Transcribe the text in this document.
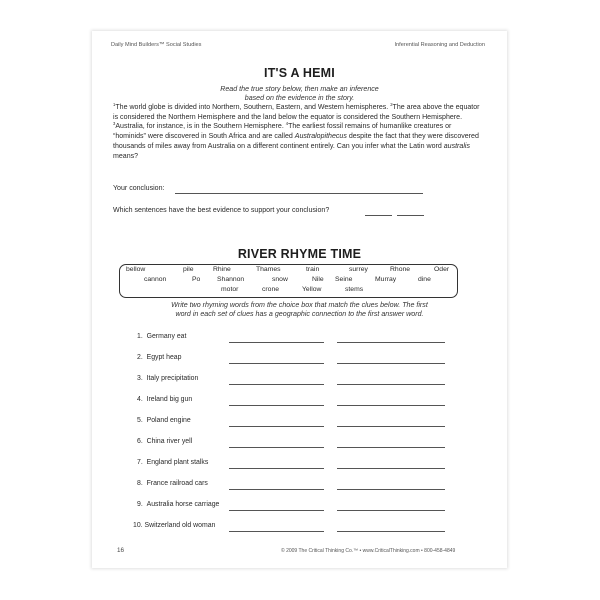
Daily Mind Builders™ Social Studies	Inferential Reasoning and Deduction
IT'S A HEMI
Read the true story below, then make an inference
based on the evidence in the story.
$^1$The world globe is divided into Northern, Southern, Eastern, and Western hemispheres. $^2$The area above the equator is considered the Northern Hemisphere and the land below the equator is considered the Southern Hemisphere. $^3$Australia, for instance, is in the Southern Hemisphere. $^4$The earliest fossil remains of humanlike creatures or “hominids” were discovered in South Africa and are called Australopithecus despite the fact that they were discovered thousands of miles away from Australia on a different continent entirely. Can you infer what the Latin word australis means?
Your conclusion:
Which sentences have the best evidence to support your conclusion?
RIVER RHYME TIME
bellow	pile	Rhine	Thames	train	surrey	Rhone	Oder
cannon	Po Shannon	snow	Nile Seine	Murray	dine
motor	crone	Yellow	stems
Write two rhyming words from the choice box that match the clues below. The first
word in each set of clues has a geographic connection to the first answer word.
1. Germany eat
2. Egypt heap
3. Italy precipitation
4. Ireland big gun
5. Poland engine
6. China river yell
7. England plant stalks
8. France railroad cars
9. Australia horse carriage
10. Switzerland old woman
16	© 2009 The Critical Thinking Co.™ • www.CriticalThinking.com • 800-458-4849
